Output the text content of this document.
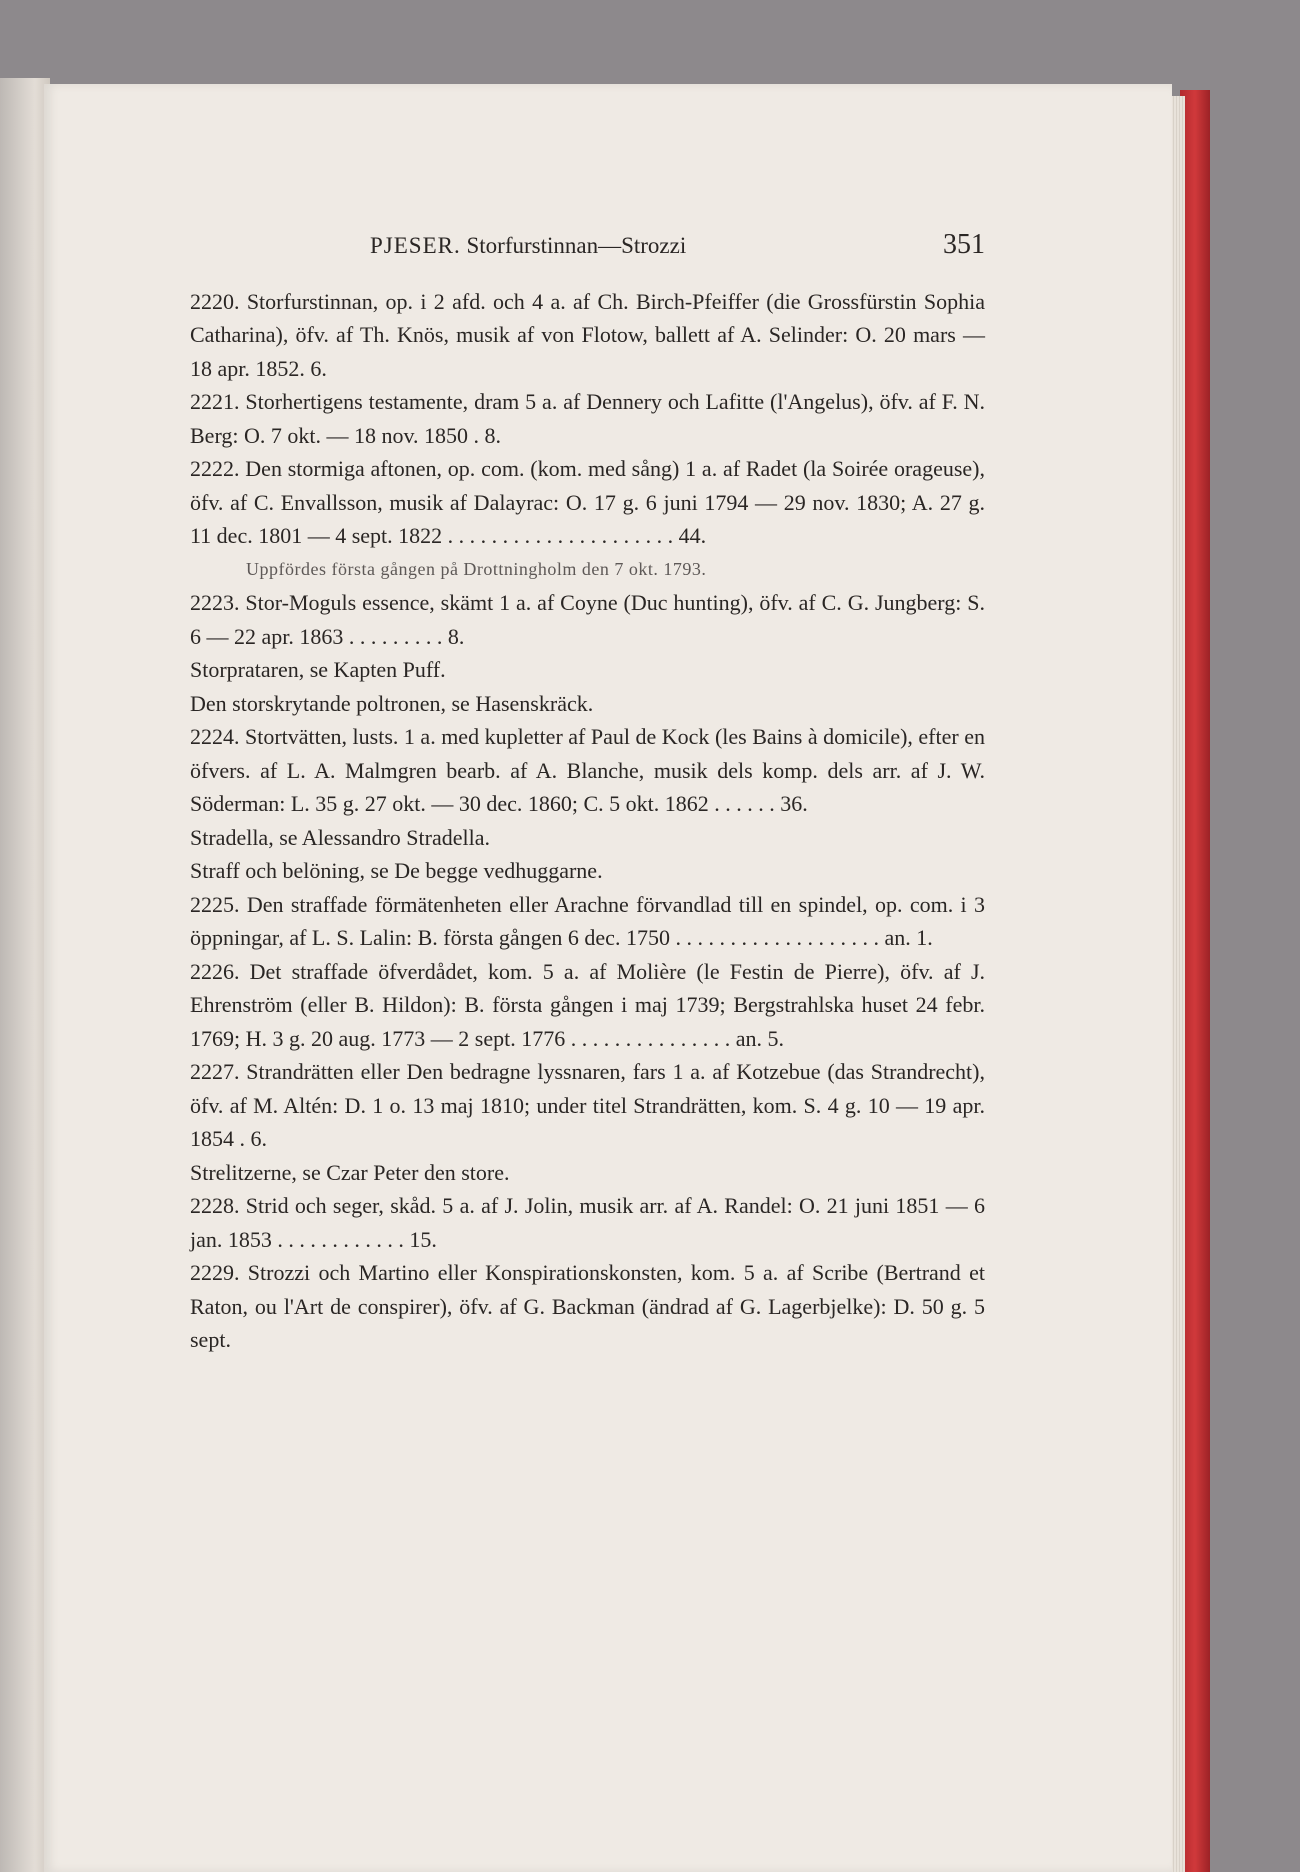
PJESER. Storfurstinnan—Strozzi	351

2220. Storfurstinnan, op. i 2 afd. och 4 a. af Ch. Birch-Pfeiffer (die Grossfürstin Sophia Catharina), öfv. af Th. Knös, musik af von Flotow, ballett af A. Selinder: O. 20 mars — 18 apr. 1852. 6.

2221. Storhertigens testamente, dram 5 a. af Dennery och Lafitte (l'Angelus), öfv. af F. N. Berg: O. 7 okt. — 18 nov. 1850 . 8.

2222. Den stormiga aftonen, op. com. (kom. med sång) 1 a. af Radet (la Soirée orageuse), öfv. af C. Envallsson, musik af Dalayrac: O. 17 g. 6 juni 1794 — 29 nov. 1830; A. 27 g. 11 dec. 1801 — 4 sept. 1822 . . . . . . . . . . . . . . . . . . . . . 44.

Uppfördes första gången på Drottningholm den 7 okt. 1793.

2223. Stor-Moguls essence, skämt 1 a. af Coyne (Duc hunting), öfv. af C. G. Jungberg: S. 6 — 22 apr. 1863 . . . . . . . . . 8.

Storprataren, se Kapten Puff.

Den storskrytande poltronen, se Hasenskräck.

2224. Stortvätten, lusts. 1 a. med kupletter af Paul de Kock (les Bains à domicile), efter en öfvers. af L. A. Malmgren bearb. af A. Blanche, musik dels komp. dels arr. af J. W. Söderman: L. 35 g. 27 okt. — 30 dec. 1860; C. 5 okt. 1862 . . . . . . 36.

Stradella, se Alessandro Stradella.

Straff och belöning, se De begge vedhuggarne.

2225. Den straffade förmätenheten eller Arachne förvandlad till en spindel, op. com. i 3 öppningar, af L. S. Lalin: B. första gången 6 dec. 1750 . . . . . . . . . . . . . . . . . . . an. 1.

2226. Det straffade öfverdådet, kom. 5 a. af Molière (le Festin de Pierre), öfv. af J. Ehrenström (eller B. Hildon): B. första gången i maj 1739; Bergstrahlska huset 24 febr. 1769; H. 3 g. 20 aug. 1773 — 2 sept. 1776 . . . . . . . . . . . . . . . an. 5.

2227. Strandrätten eller Den bedragne lyssnaren, fars 1 a. af Kotzebue (das Strandrecht), öfv. af M. Altén: D. 1 o. 13 maj 1810; under titel Strandrätten, kom. S. 4 g. 10 — 19 apr. 1854 . 6.

Strelitzerne, se Czar Peter den store.

2228. Strid och seger, skåd. 5 a. af J. Jolin, musik arr. af A. Randel: O. 21 juni 1851 — 6 jan. 1853 . . . . . . . . . . . . 15.

2229. Strozzi och Martino eller Konspirationskonsten, kom. 5 a. af Scribe (Bertrand et Raton, ou l'Art de conspirer), öfv. af G. Backman (ändrad af G. Lagerbjelke): D. 50 g. 5 sept.
